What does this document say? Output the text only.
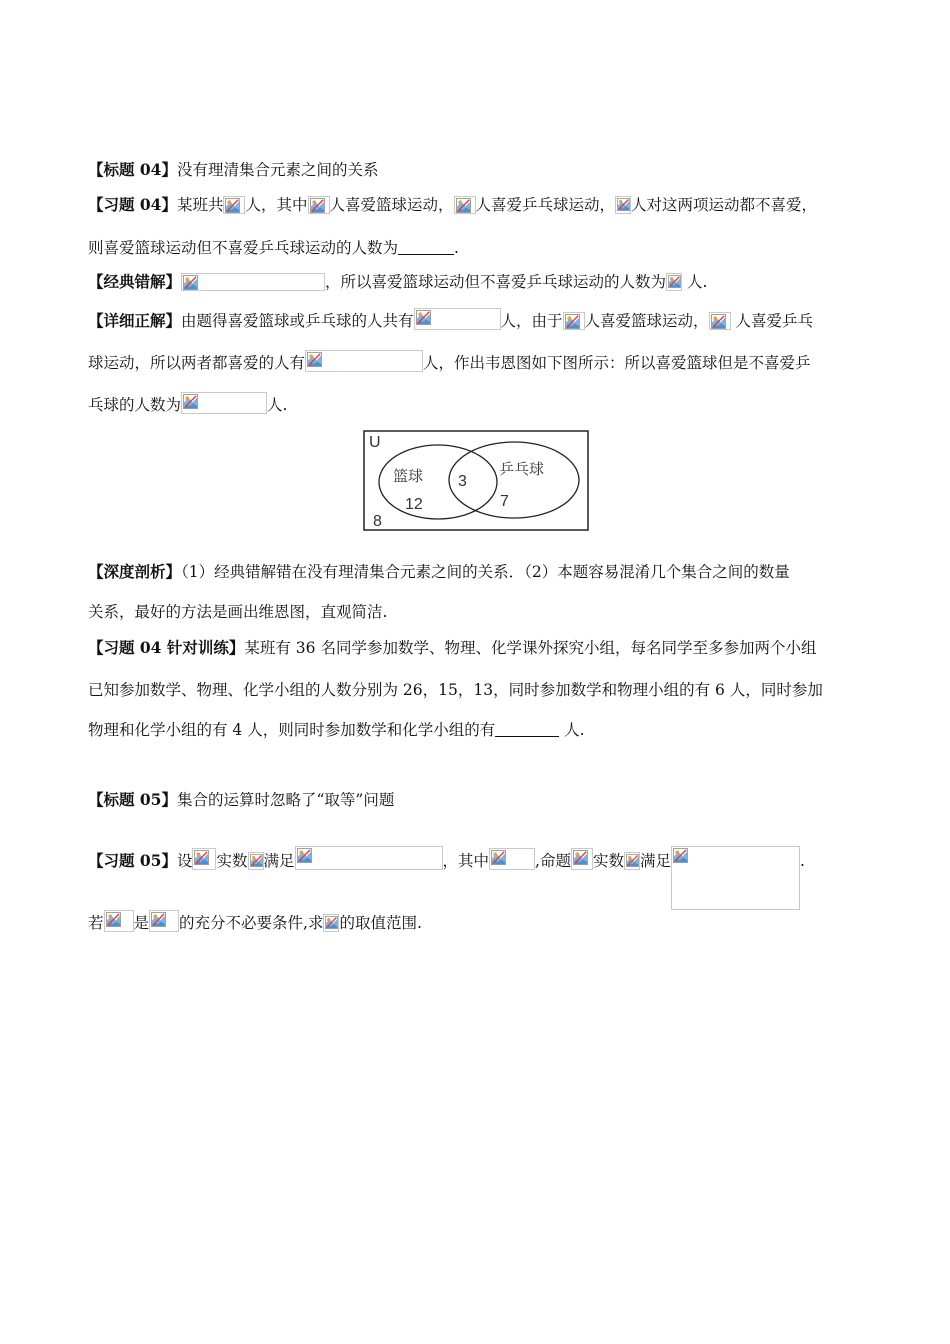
【标题 04】没有理清集合元素之间的关系
【习题 04】某班共 人，其中 人喜爱篮球运动， 人喜爱乒乓球运动， 人对这两项运动都不喜爱，
则喜爱篮球运动但不喜爱乒乓球运动的人数为	.
【经典错解】	，所以喜爱篮球运动但不喜爱乒乓球运动的人数为
人.
【详细正解】由题得喜爱篮球或乒乓球的人共有	人，由于 人喜爱篮球运动，
人喜爱乒乓
球运动，所以两者都喜爱的人有	人，作出韦恩图如下图所示：所以喜爱篮球但是不喜爱乒
乓球的人数为	人.
U
篮球
12
3
乒乓球
7
8
【深度剖析】（1）经典错解错在没有理清集合元素之间的关系．（2）本题容易混淆几个集合之间的数量
关系，最好的方法是画出维恩图，直观简洁.
【习题 04 针对训练】某班有 36 名同学参加数学、物理、化学课外探究小组，每名同学至多参加两个小组
已知参加数学、物理、化学小组的人数分别为 26，15，13，同时参加数学和物理小组的有 6 人，同时参加
物理和化学小组的有 4 人，则同时参加数学和化学小组的有	人.
【标题 05】集合的运算时忽略了“取等”问题
【习题 05】设 实数 满足	，其中	,命题 实数 满足	.
若 是 的充分不必要条件,求 的取值范围.
